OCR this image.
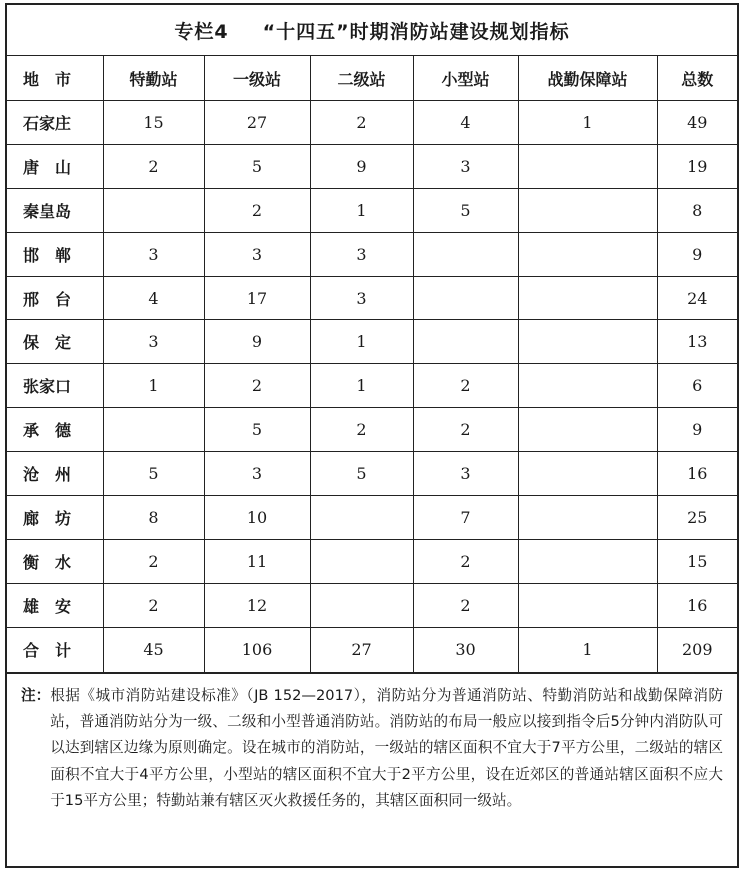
专栏4 “十四五”时期消防站建设规划指标
地　市	特勤站	一级站	二级站	小型站	战勤保障站	总数
石家庄	15	27	2	4	1	49
唐　山	2	5	9	3		19
秦皇岛		2	1	5		8
邯　郸	3	3	3			9
邢　台	4	17	3			24
保　定	3	9	1			13
张家口	1	2	1	2		6
承　德		5	2	2		9
沧　州	5	3	5	3		16
廊　坊	8	10		7		25
衡　水	2	11		2		15
雄　安	2	12		2		16
合　计	45	106	27	30	1	209
注： 根据《城市消防站建设标准》（JB 152—2017），消防站分为普通消防站、特勤消防站和战勤保障消防站，普通消防站分为一级、二级和小型普通消防站。消防站的布局一般应以接到指令后5分钟内消防队可以达到辖区边缘为原则确定。设在城市的消防站，一级站的辖区面积不宜大于7平方公里，二级站的辖区面积不宜大于4平方公里，小型站的辖区面积不宜大于2平方公里，设在近郊区的普通站辖区面积不应大于15平方公里；特勤站兼有辖区灭火救援任务的，其辖区面积同一级站。
